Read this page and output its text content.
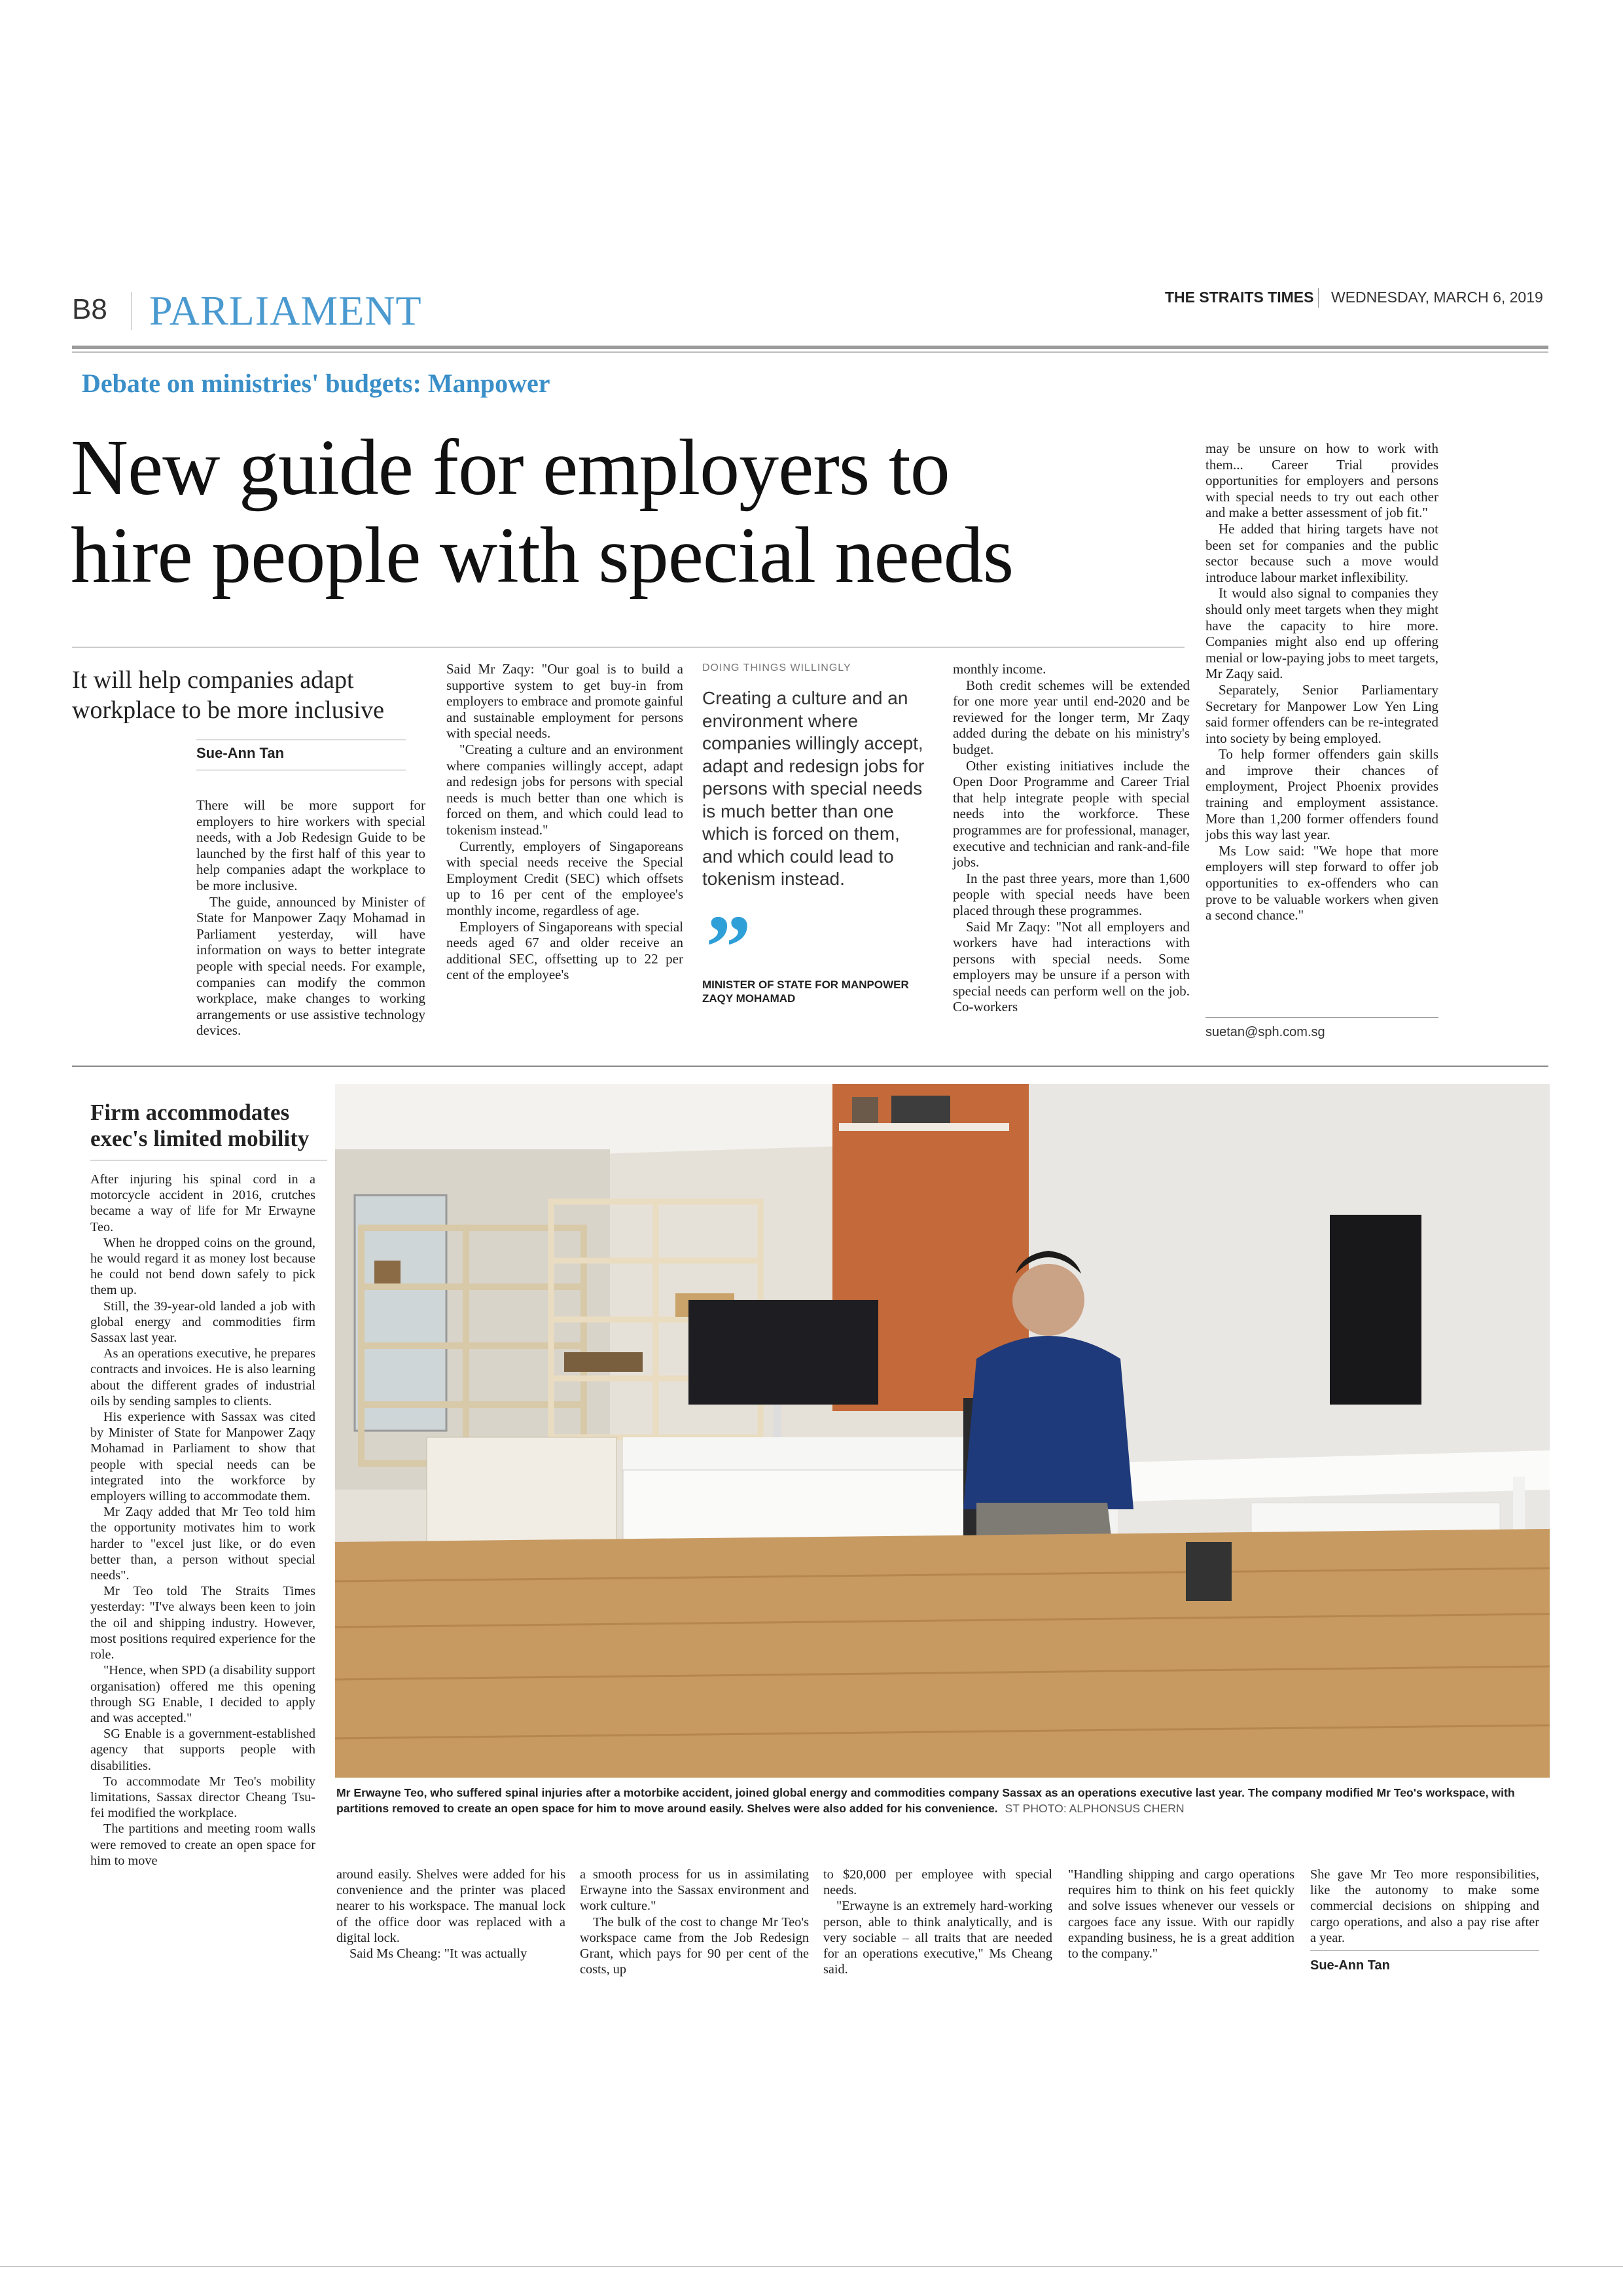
B8 PARLIAMENT	THE STRAITS TIMES WEDNESDAY, MARCH 6, 2019
Debate on ministries' budgets: Manpower
New guide for employers to
hire people with special needs
It will help companies adapt workplace to be more inclusive
Sue-Ann Tan

There will be more support for employers to hire workers with special needs, with a Job Redesign Guide to be launched by the first half of this year to help companies adapt the workplace to be more inclusive.

The guide, announced by Minister of State for Manpower Zaqy Mohamad in Parliament yesterday, will have information on ways to better integrate people with special needs. For example, companies can modify the common workplace, make changes to working arrangements or use assistive technology devices.

Said Mr Zaqy: "Our goal is to build a supportive system to get buy-in from employers to embrace and promote gainful and sustainable employment for persons with special needs.

"Creating a culture and an environment where companies willingly accept, adapt and redesign jobs for persons with special needs is much better than one which is forced on them, and which could lead to tokenism instead."

Currently, employers of Singaporeans with special needs receive the Special Employment Credit (SEC) which offsets up to 16 per cent of the employee's monthly income, regardless of age.

Employers of Singaporeans with special needs aged 67 and older receive an additional SEC, offsetting up to 22 per cent of the employee's

DOING THINGS WILLINGLY
Creating a culture and an environment where companies willingly accept, adapt and redesign jobs for persons with special needs is much better than one which is forced on them, and which could lead to tokenism instead.
”
MINISTER OF STATE FOR MANPOWER
ZAQY MOHAMAD

monthly income.

Both credit schemes will be extended for one more year until end-2020 and be reviewed for the longer term, Mr Zaqy added during the debate on his ministry's budget.

Other existing initiatives include the Open Door Programme and Career Trial that help integrate people with special needs into the workforce. These programmes are for professional, manager, executive and technician and rank-and-file jobs.

In the past three years, more than 1,600 people with special needs have been placed through these programmes.

Said Mr Zaqy: "Not all employers and workers have had interactions with persons with special needs. Some employers may be unsure if a person with special needs can perform well on the job. Co-workers

may be unsure on how to work with them... Career Trial provides opportunities for employers and persons with special needs to try out each other and make a better assessment of job fit."

He added that hiring targets have not been set for companies and the public sector because such a move would introduce labour market inflexibility.

It would also signal to companies they should only meet targets when they might have the capacity to hire more. Companies might also end up offering menial or low-paying jobs to meet targets, Mr Zaqy said.

Separately, Senior Parliamentary Secretary for Manpower Low Yen Ling said former offenders can be re-integrated into society by being employed.

To help former offenders gain skills and improve their chances of employment, Project Phoenix provides training and employment assistance. More than 1,200 former offenders found jobs this way last year.

Ms Low said: "We hope that more employers will step forward to offer job opportunities to ex-offenders who can prove to be valuable workers when given a second chance."

suetan@sph.com.sg
Firm accommodates
exec's limited mobility

After injuring his spinal cord in a motorcycle accident in 2016, crutches became a way of life for Mr Erwayne Teo.

When he dropped coins on the ground, he would regard it as money lost because he could not bend down safely to pick them up.

Still, the 39-year-old landed a job with global energy and commodities firm Sassax last year.

As an operations executive, he prepares contracts and invoices. He is also learning about the different grades of industrial oils by sending samples to clients.

His experience with Sassax was cited by Minister of State for Manpower Zaqy Mohamad in Parliament to show that people with special needs can be integrated into the workforce by employers willing to accommodate them.

Mr Zaqy added that Mr Teo told him the opportunity motivates him to work harder to "excel just like, or do even better than, a person without special needs".

Mr Teo told The Straits Times yesterday: "I've always been keen to join the oil and shipping industry. However, most positions required experience for the role.

"Hence, when SPD (a disability support organisation) offered me this opening through SG Enable, I decided to apply and was accepted."

SG Enable is a government-established agency that supports people with disabilities.

To accommodate Mr Teo's mobility limitations, Sassax director Cheang Tsu-fei modified the workplace.

The partitions and meeting room walls were removed to create an open space for him to move

Mr Erwayne Teo, who suffered spinal injuries after a motorbike accident, joined global energy and commodities company Sassax as an operations executive last year. The company modified Mr Teo's workspace, with partitions removed to create an open space for him to move around easily. Shelves were also added for his convenience. ST PHOTO: ALPHONSUS CHERN

around easily. Shelves were added for his convenience and the printer was placed nearer to his workspace. The manual lock of the office door was replaced with a digital lock.

Said Ms Cheang: "It was actually

a smooth process for us in assimilating Erwayne into the Sassax environment and work culture."

The bulk of the cost to change Mr Teo's workspace came from the Job Redesign Grant, which pays for 90 per cent of the costs, up

to $20,000 per employee with special needs.

"Erwayne is an extremely hard-working person, able to think analytically, and is very sociable – all traits that are needed for an operations executive," Ms Cheang said.

"Handling shipping and cargo operations requires him to think on his feet quickly and solve issues whenever our vessels or cargoes face any issue. With our rapidly expanding business, he is a great addition to the company."

She gave Mr Teo more responsibilities, like the autonomy to make some commercial decisions on shipping and cargo operations, and also a pay rise after a year.

Sue-Ann Tan
